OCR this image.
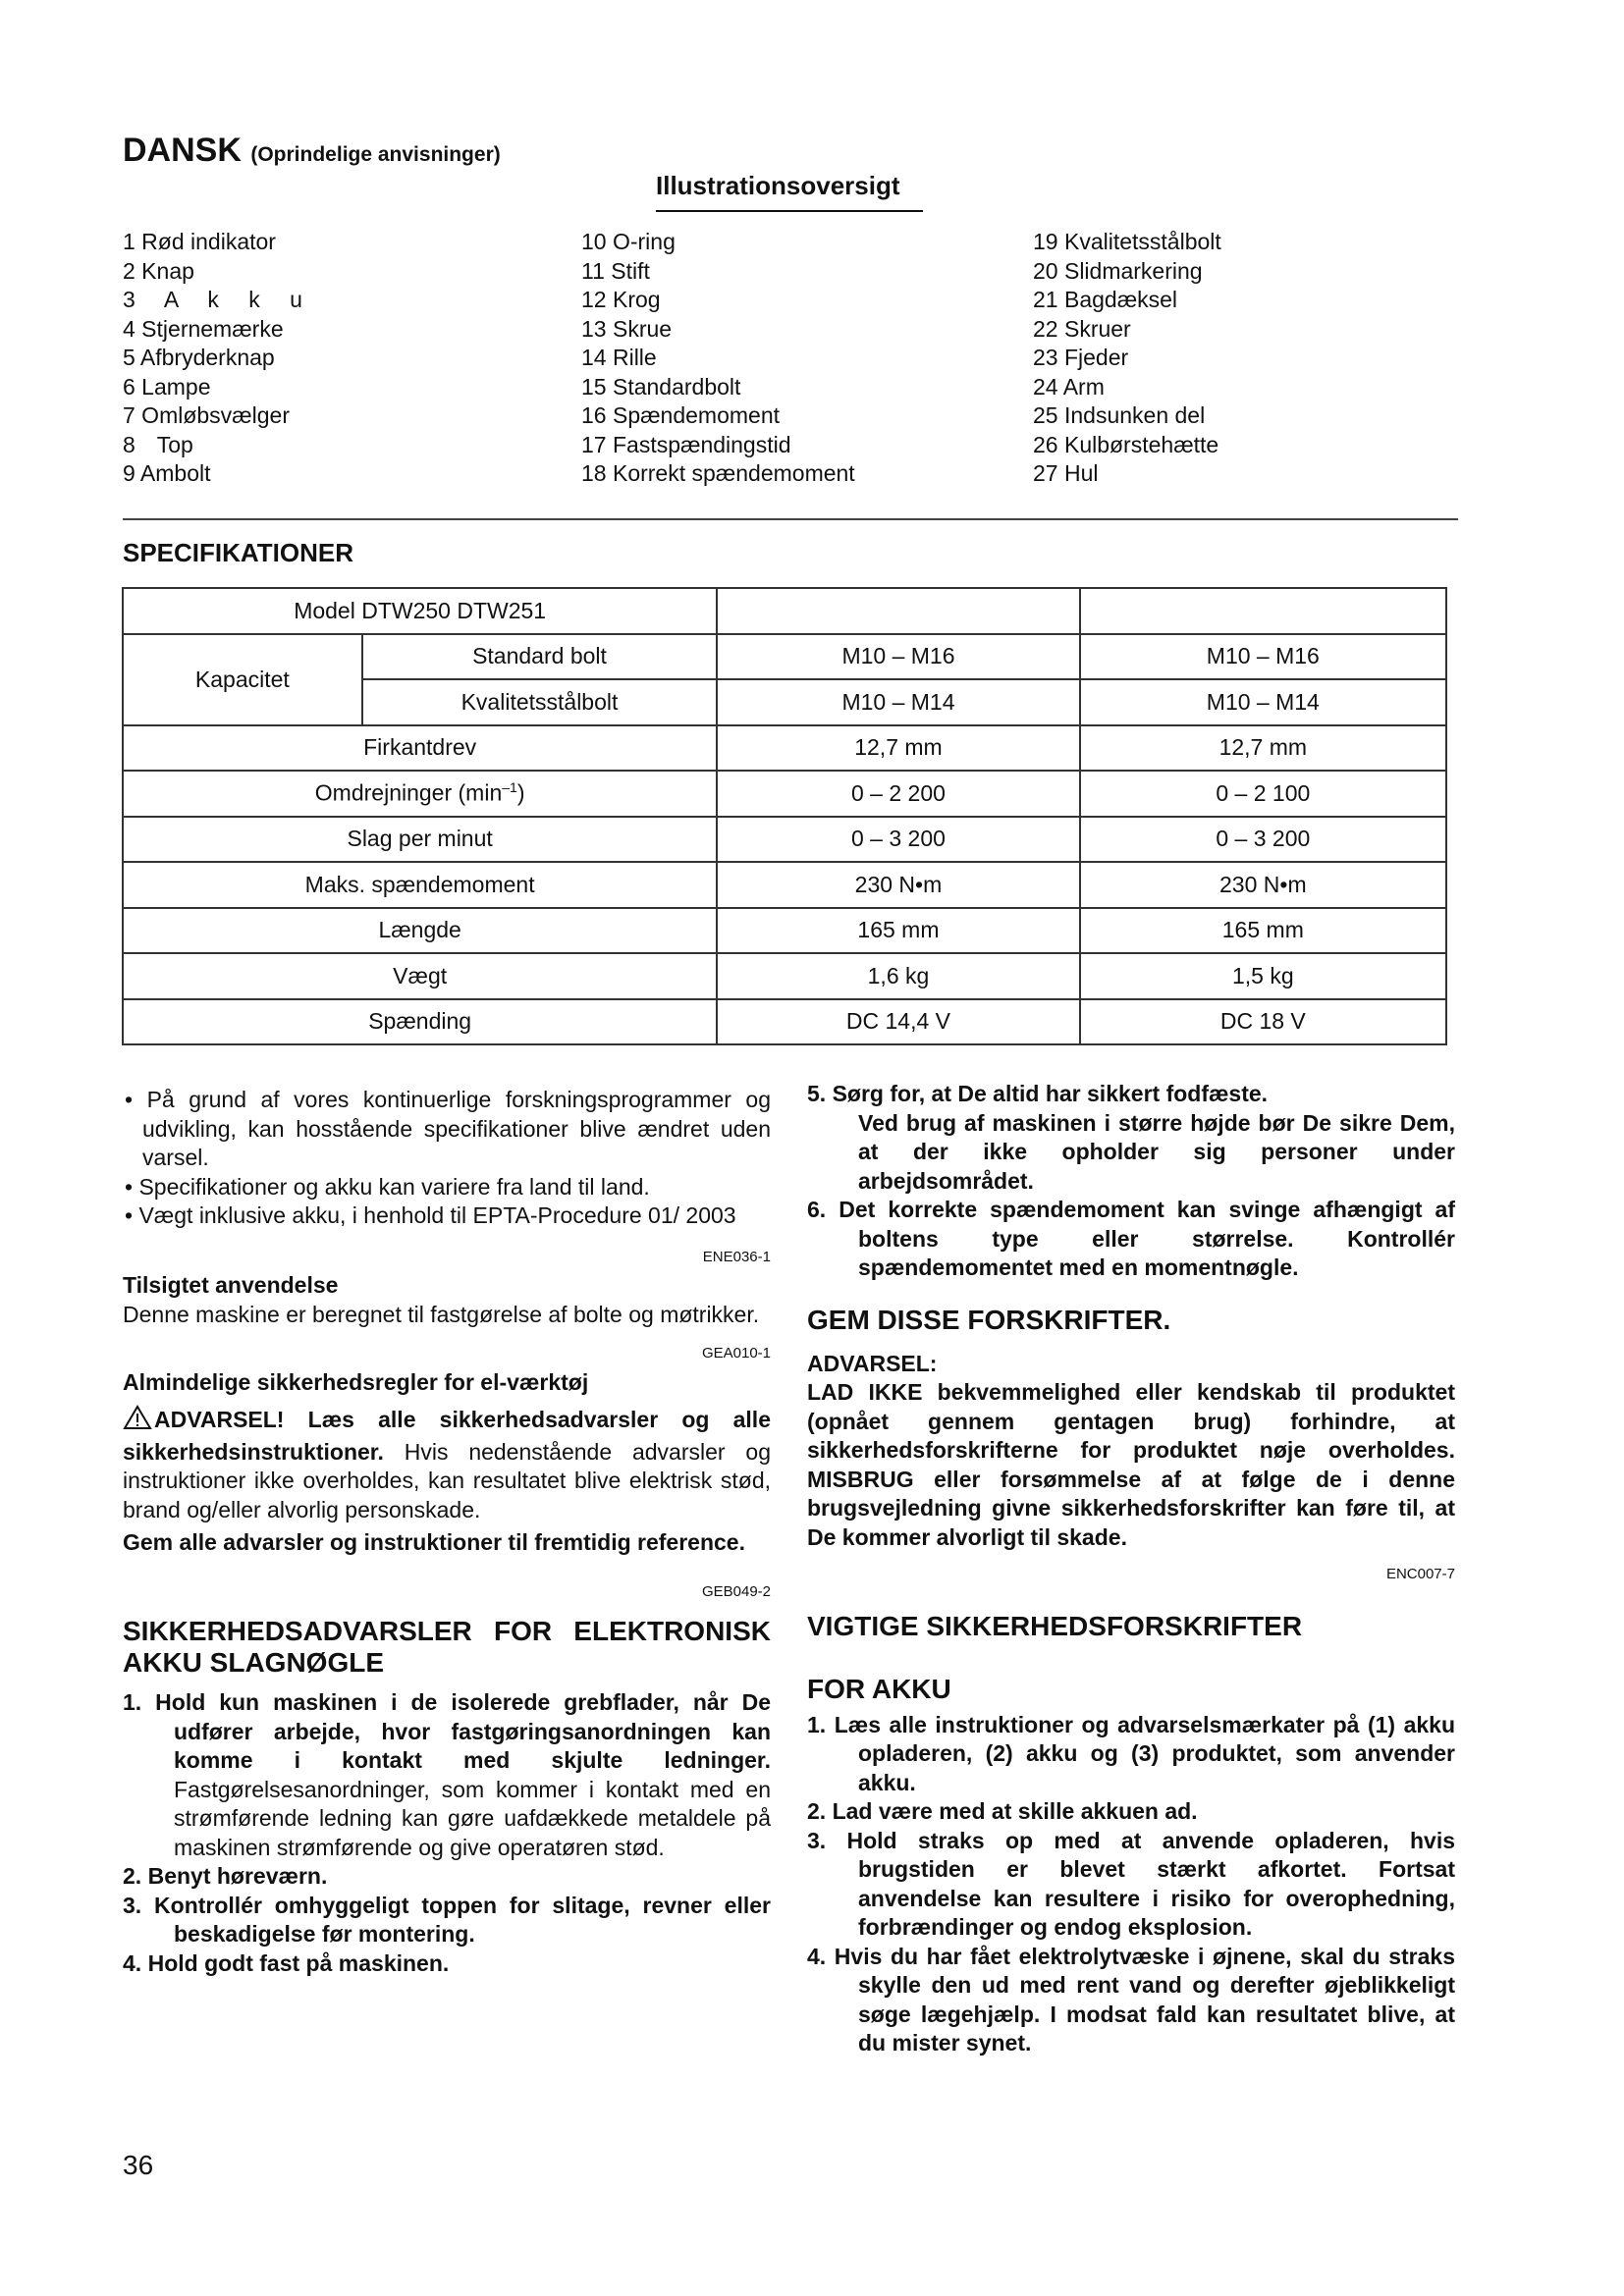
DANSK (Oprindelige anvisninger)
Illustrationsoversigt
1 Rød indikator
2 Knap
3 A k k u
4 Stjernemærke
5 Afbryderknap
6 Lampe
7 Omløbsvælger
8 Top
9 Ambolt
10 O-ring
11 Stift
12 Krog
13 Skrue
14 Rille
15 Standardbolt
16 Spændemoment
17 Fastspændingstid
18 Korrekt spændemoment
19 Kvalitetsstålbolt
20 Slidmarkering
21 Bagdæksel
22 Skruer
23 Fjeder
24 Arm
25 Indsunken del
26 Kulbørstehætte
27 Hul
SPECIFIKATIONER
Model DTW250 DTW251			
Kapacitet	Standard bolt	M10 – M16	M10 – M16
	Kvalitetsstålbolt	M10 – M14	M10 – M14
Firkantdrev		12,7 mm	12,7 mm
Omdrejninger $(\min^{-1})$		0 – 2 200	0 – 2 100
Slag per minut		0 – 3 200	0 – 3 200
Maks. spændemoment		230 N•m	230 N•m
Længde		165 mm	165 mm
Vægt		1,6 kg	1,5 kg
Spænding		DC 14,4 V	DC 18 V
• På grund af vores kontinuerlige forskningsprogrammer og udvikling, kan hosstående specifikationer blive ændret uden varsel.
• Specifikationer og akku kan variere fra land til land.
• Vægt inklusive akku, i henhold til EPTA-Procedure 01/ 2003
ENE036-1
Tilsigtet anvendelse
Denne maskine er beregnet til fastgørelse af bolte og møtrikker.
GEA010-1
Almindelige sikkerhedsregler for el-værktøj
ADVARSEL! Læs alle sikkerhedsadvarsler og alle sikkerhedsinstruktioner. Hvis nedenstående advarsler og instruktioner ikke overholdes, kan resultatet blive elektrisk stød, brand og/eller alvorlig personskade.
Gem alle advarsler og instruktioner til fremtidig reference.
GEB049-2
SIKKERHEDSADVARSLER FOR ELEKTRONISK AKKU SLAGNØGLE
1. Hold kun maskinen i de isolerede grebflader, når De udfører arbejde, hvor fastgøringsanordningen kan komme i kontakt med skjulte ledninger. Fastgørelsesanordninger, som kommer i kontakt med en strømførende ledning kan gøre uafdækkede metaldele på maskinen strømførende og give operatøren stød.
2. Benyt høreværn.
3. Kontrollér omhyggeligt toppen for slitage, revner eller beskadigelse før montering.
4. Hold godt fast på maskinen.
5. Sørg for, at De altid har sikkert fodfæste.
Ved brug af maskinen i større højde bør De sikre Dem, at der ikke opholder sig personer under arbejdsområdet.
6. Det korrekte spændemoment kan svinge afhængigt af boltens type eller størrelse. Kontrollér spændemomentet med en momentnøgle.
GEM DISSE FORSKRIFTER.
ADVARSEL:
LAD IKKE bekvemmelighed eller kendskab til produktet (opnået gennem gentagen brug) forhindre, at sikkerhedsforskrifterne for produktet nøje overholdes. MISBRUG eller forsømmelse af at følge de i denne brugsvejledning givne sikkerhedsforskrifter kan føre til, at De kommer alvorligt til skade.
ENC007-7
VIGTIGE SIKKERHEDSFORSKRIFTER
FOR AKKU
1. Læs alle instruktioner og advarselsmærkater på (1) akku opladeren, (2) akku og (3) produktet, som anvender akku.
2. Lad være med at skille akkuen ad.
3. Hold straks op med at anvende opladeren, hvis brugstiden er blevet stærkt afkortet. Fortsat anvendelse kan resultere i risiko for overophedning, forbrændinger og endog eksplosion.
4. Hvis du har fået elektrolytvæske i øjnene, skal du straks skylle den ud med rent vand og derefter øjeblikkeligt søge lægehjælp. I modsat fald kan resultatet blive, at du mister synet.
36
